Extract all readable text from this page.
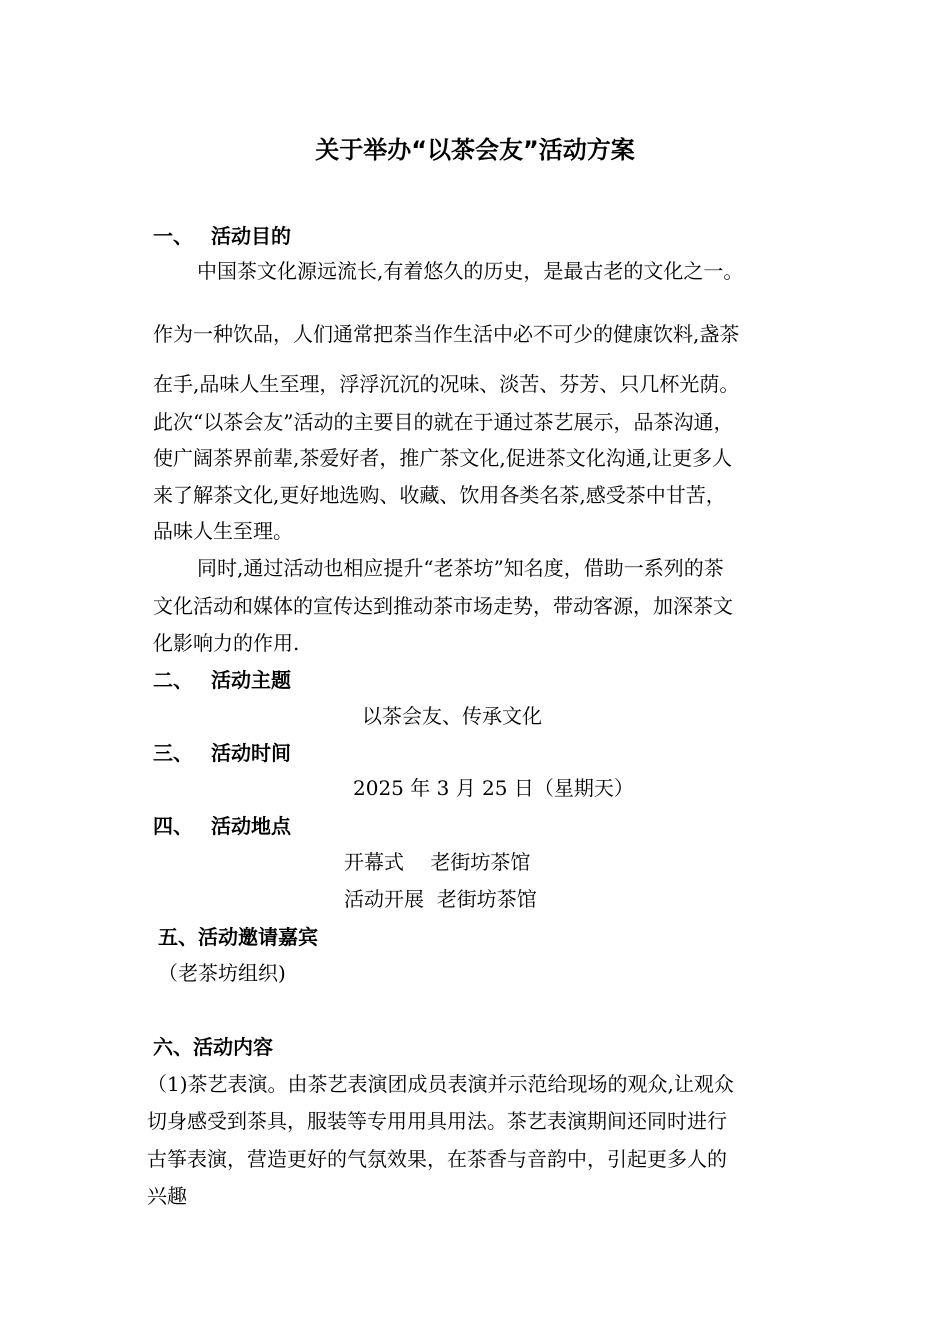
关于举办“以茶会友”活动方案
一、 活动目的

中国茶文化源远流长,有着悠久的历史，是最古老的文化之一。

作为一种饮品，人们通常把茶当作生活中必不可少的健康饮料,盏茶

在手,品味人生至理，浮浮沉沉的况味、淡苦、芬芳、只几杯光荫。

此次“以茶会友”活动的主要目的就在于通过茶艺展示，品茶沟通，

使广阔茶界前辈,茶爱好者，推广茶文化,促进茶文化沟通,让更多人

来了解茶文化,更好地选购、收藏、饮用各类名茶,感受茶中甘苦，

品味人生至理。

同时,通过活动也相应提升“老茶坊”知名度，借助一系列的茶

文化活动和媒体的宣传达到推动茶市场走势，带动客源，加深茶文

化影响力的作用.

二、 活动主题

以茶会友、传承文化

三、 活动时间

2025 年 3 月 25 日（星期天）

四、 活动地点

开幕式　 老街坊茶馆

活动开展  老街坊茶馆

五、活动邀请嘉宾

（老茶坊组织)

六、活动内容

（1)茶艺表演。由茶艺表演团成员表演并示范给现场的观众,让观众

切身感受到茶具，服装等专用用具用法。茶艺表演期间还同时进行

古筝表演，营造更好的气氛效果，在茶香与音韵中，引起更多人的

兴趣
